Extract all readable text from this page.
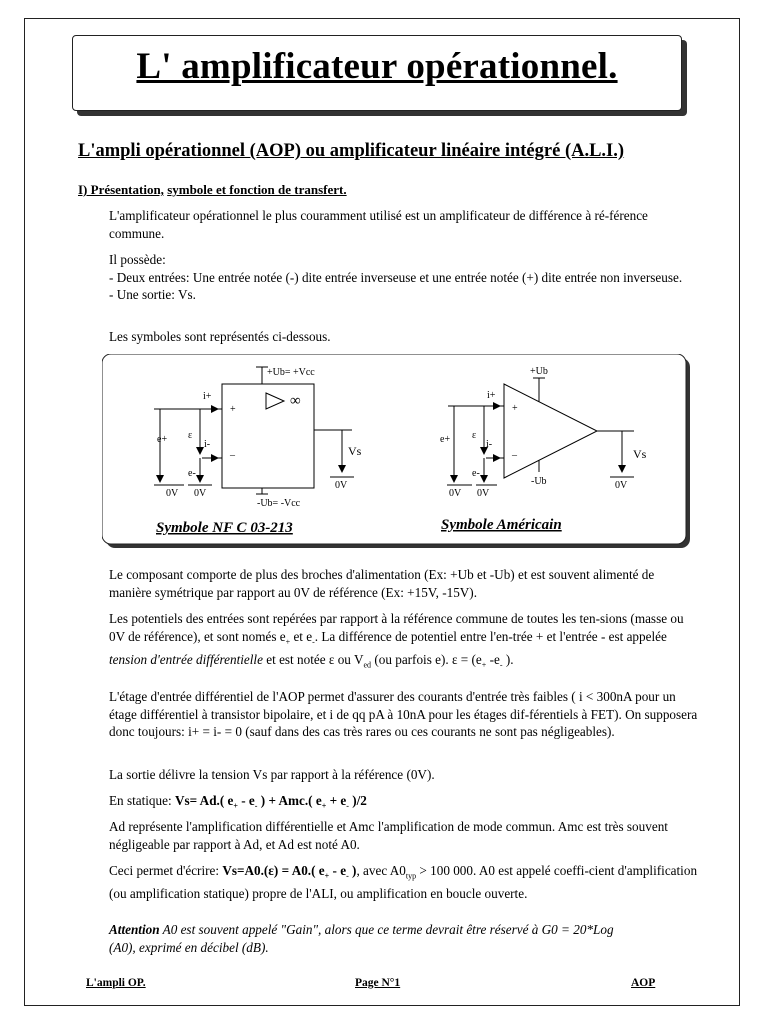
L' amplificateur opérationnel.
L'ampli opérationnel (AOP) ou amplificateur linéaire intégré (A.L.I.)
I) Présentation, symbole et fonction de transfert.

L'amplificateur opérationnel le plus couramment utilisé est un amplificateur de différence à ré-férence commune.

Il possède:
- Deux entrées: Une entrée notée (-) dite entrée inverseuse et une entrée notée (+) dite entrée non inverseuse.
- Une sortie: Vs.

Les symboles sont représentés ci-dessous.

+Ub= +Vcc
-Ub= -Vcc
i+
i-
ε
e+
e-
+
–
∞
Vs
0V 0V
0V
Symbole NF C 03-213
+Ub
-Ub
i+
i-
ε
e+
e-
+
–	Vs
0V 0V
0V
Symbole Américain

Le composant comporte de plus des broches d'alimentation (Ex: +Ub et -Ub) et est souvent alimenté de manière symétrique par rapport au 0V de référence (Ex: +15V, -15V).

Les potentiels des entrées sont repérées par rapport à la référence commune de toutes les ten-sions (masse ou 0V de référence), et sont només $e_+$ et $e_-$. La différence de potentiel entre l'en-trée + et l'entrée - est appelée tension d'entrée différentielle et est notée ε ou $V_{ed}$ (ou parfois e). $\varepsilon = (e_+$ $-e_-$ ).

L'étage d'entrée différentiel de l'AOP permet d'assurer des courants d'entrée très faibles ( i < 300nA pour un étage différentiel à transistor bipolaire, et i de qq pA à 10nA pour les étages dif-férentiels à FET). On supposera donc toujours: i+ = i- = 0 (sauf dans des cas très rares ou ces courants ne sont pas négligeables).

La sortie délivre la tension Vs par rapport à la référence (0V).

En statique: Vs= Ad.( $e_+ - e_-$ ) + Amc.( $e_+ + e_-$ )/2

Ad représente l'amplification différentielle et Amc l'amplification de mode commun. Amc est très souvent négligeable par rapport à Ad, et Ad est noté A0.

Ceci permet d'écrire: Vs=A0.(ε) = A0.( $e_+ - e_-$ ), avec $A0_{typ} > 100$ 000. A0 est appelé coeffi-cient d'amplification (ou amplification statique) propre de l'ALI, ou amplification en boucle ouverte.

Attention A0 est souvent appelé "Gain", alors que ce terme devrait être réservé à G0 = 20*Log (A0), exprimé en décibel (dB).

L'ampli OP.	Page N°1	AOP
